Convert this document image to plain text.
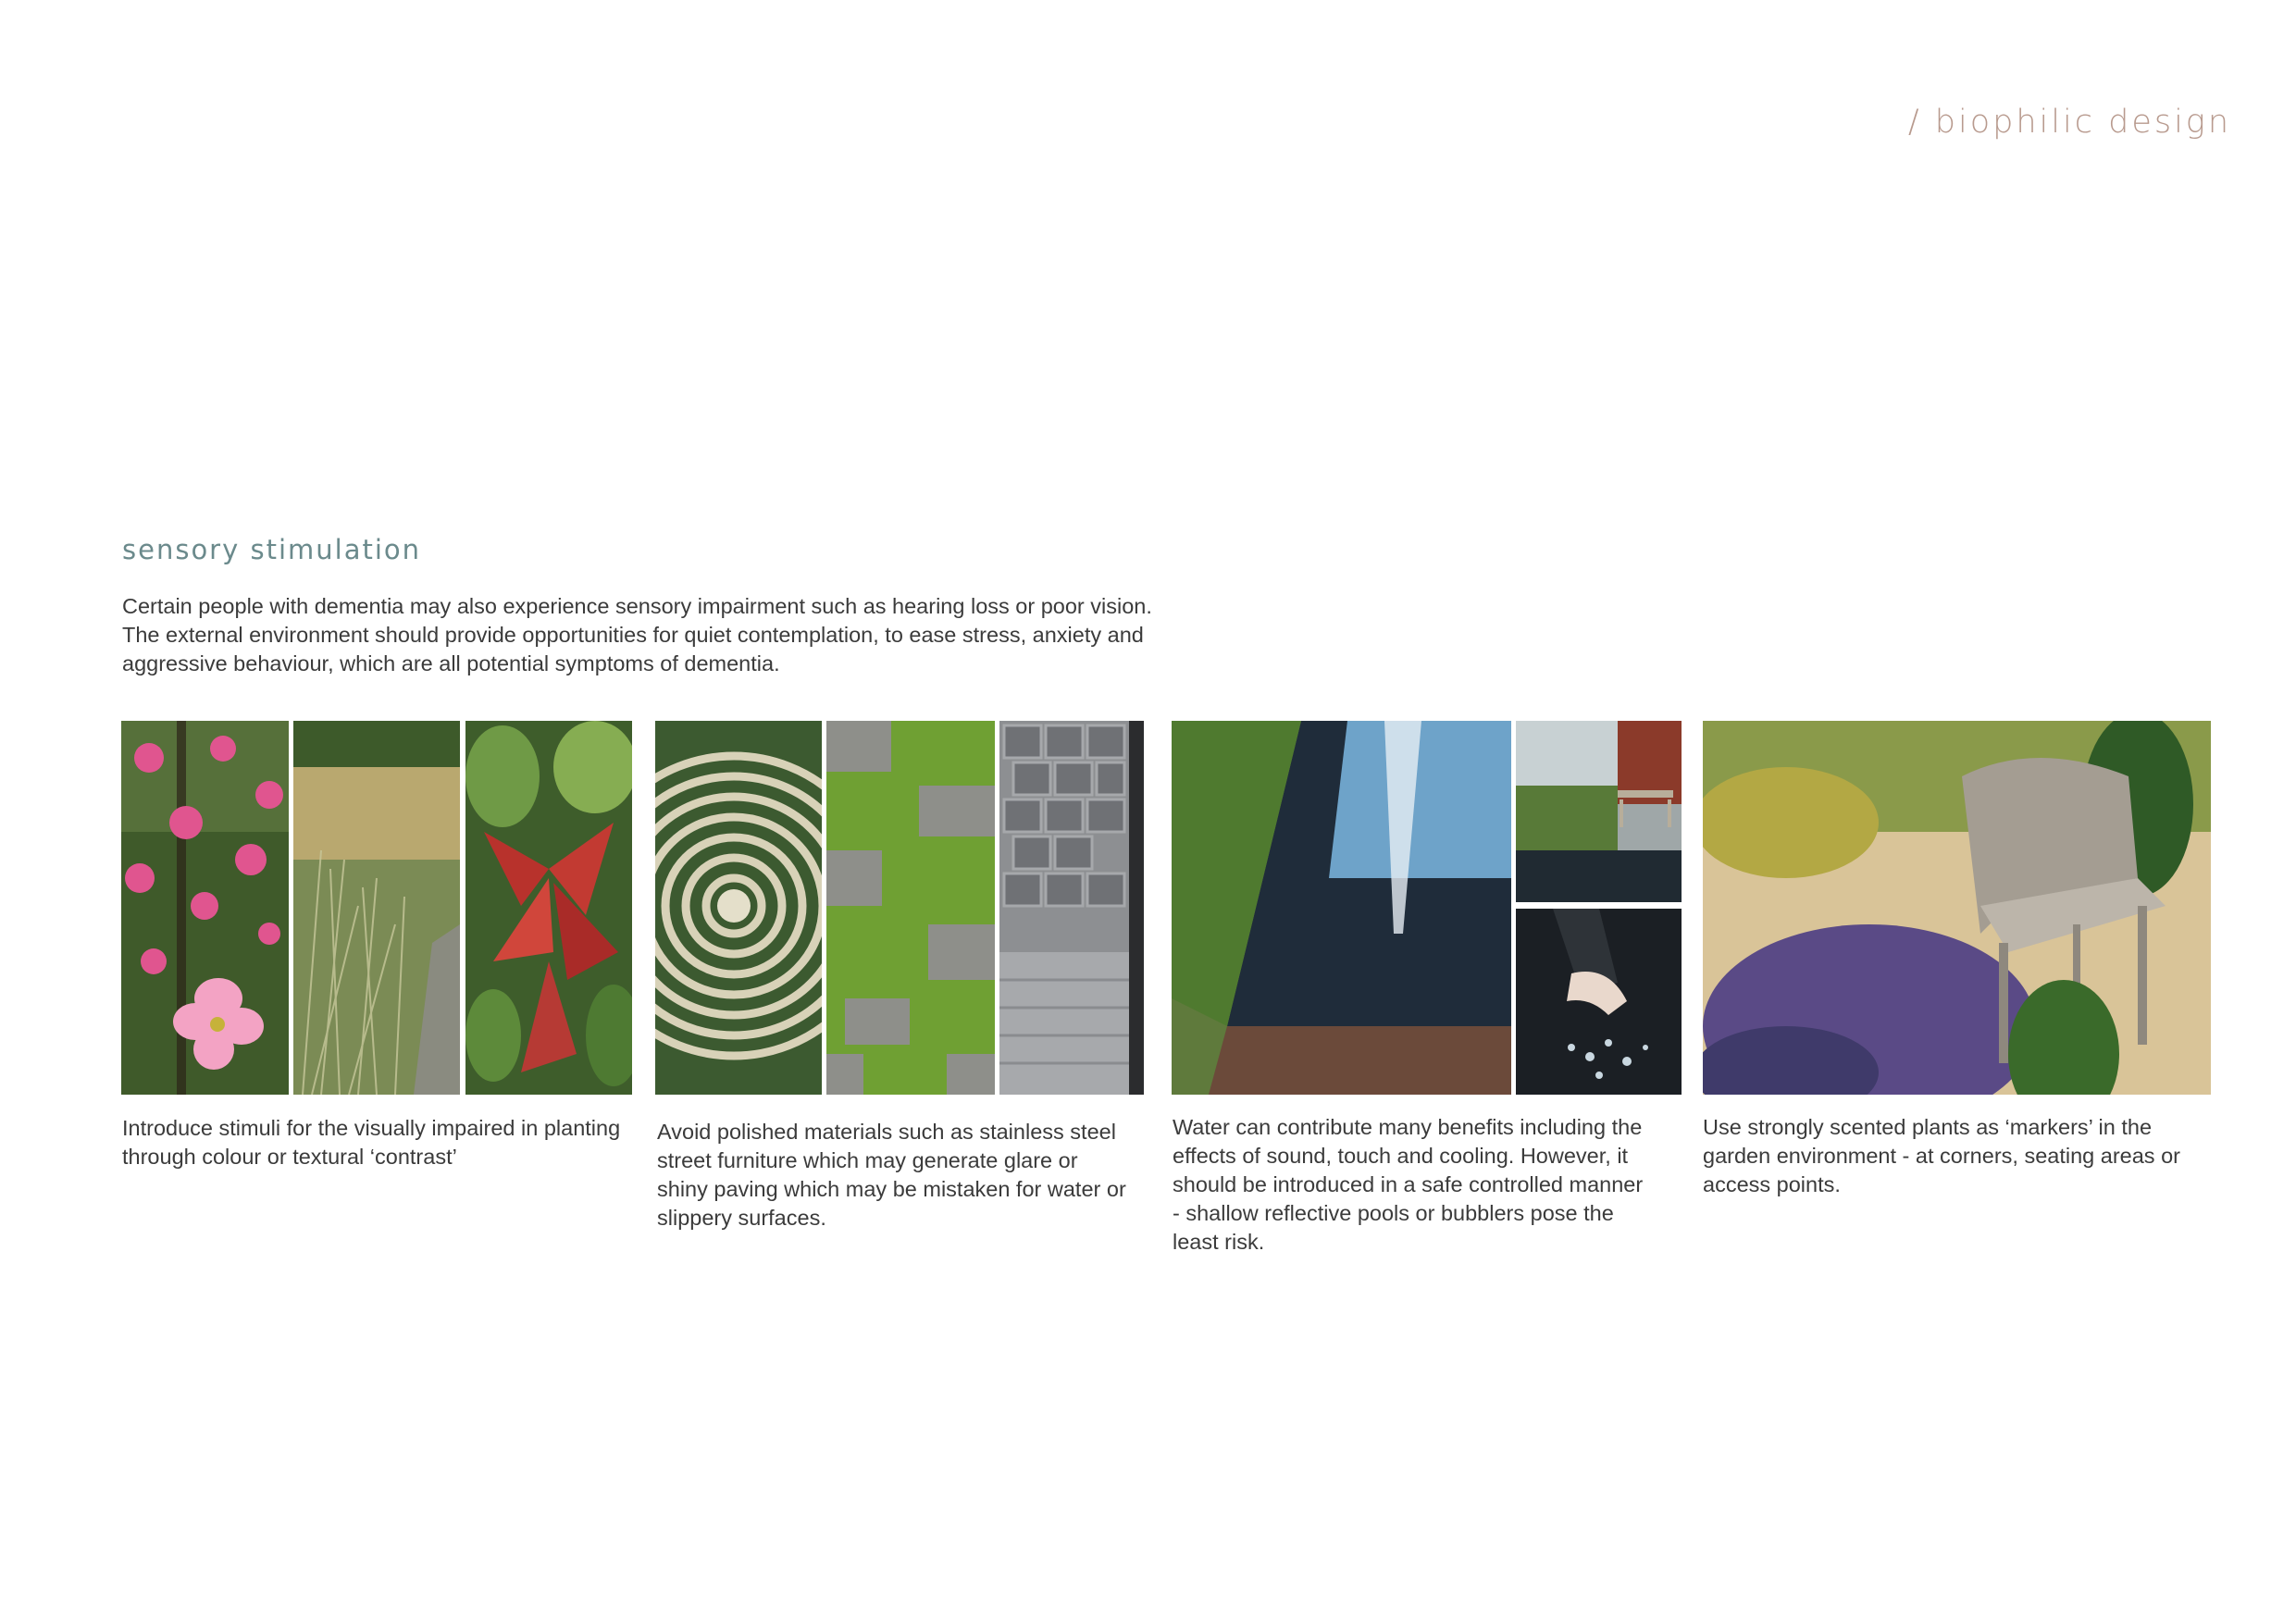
/ biophilic design
sensory stimulation

Certain people with dementia may also experience sensory impairment such as hearing loss or poor vision.
The external environment should provide opportunities for quiet contemplation, to ease stress, anxiety and
aggressive behaviour, which are all potential symptoms of dementia.

Introduce stimuli for the visually impaired in planting
through colour or textural ‘contrast’

Avoid polished materials such as stainless steel
street furniture which may generate glare or
shiny paving which may be mistaken for water or
slippery surfaces.

Water can contribute many benefits including the
effects of sound, touch and cooling. However, it
should be introduced in a safe controlled manner
- shallow reflective pools or bubblers pose the
least risk.

Use strongly scented plants as ‘markers’ in the
garden environment - at corners, seating areas or
access points.
